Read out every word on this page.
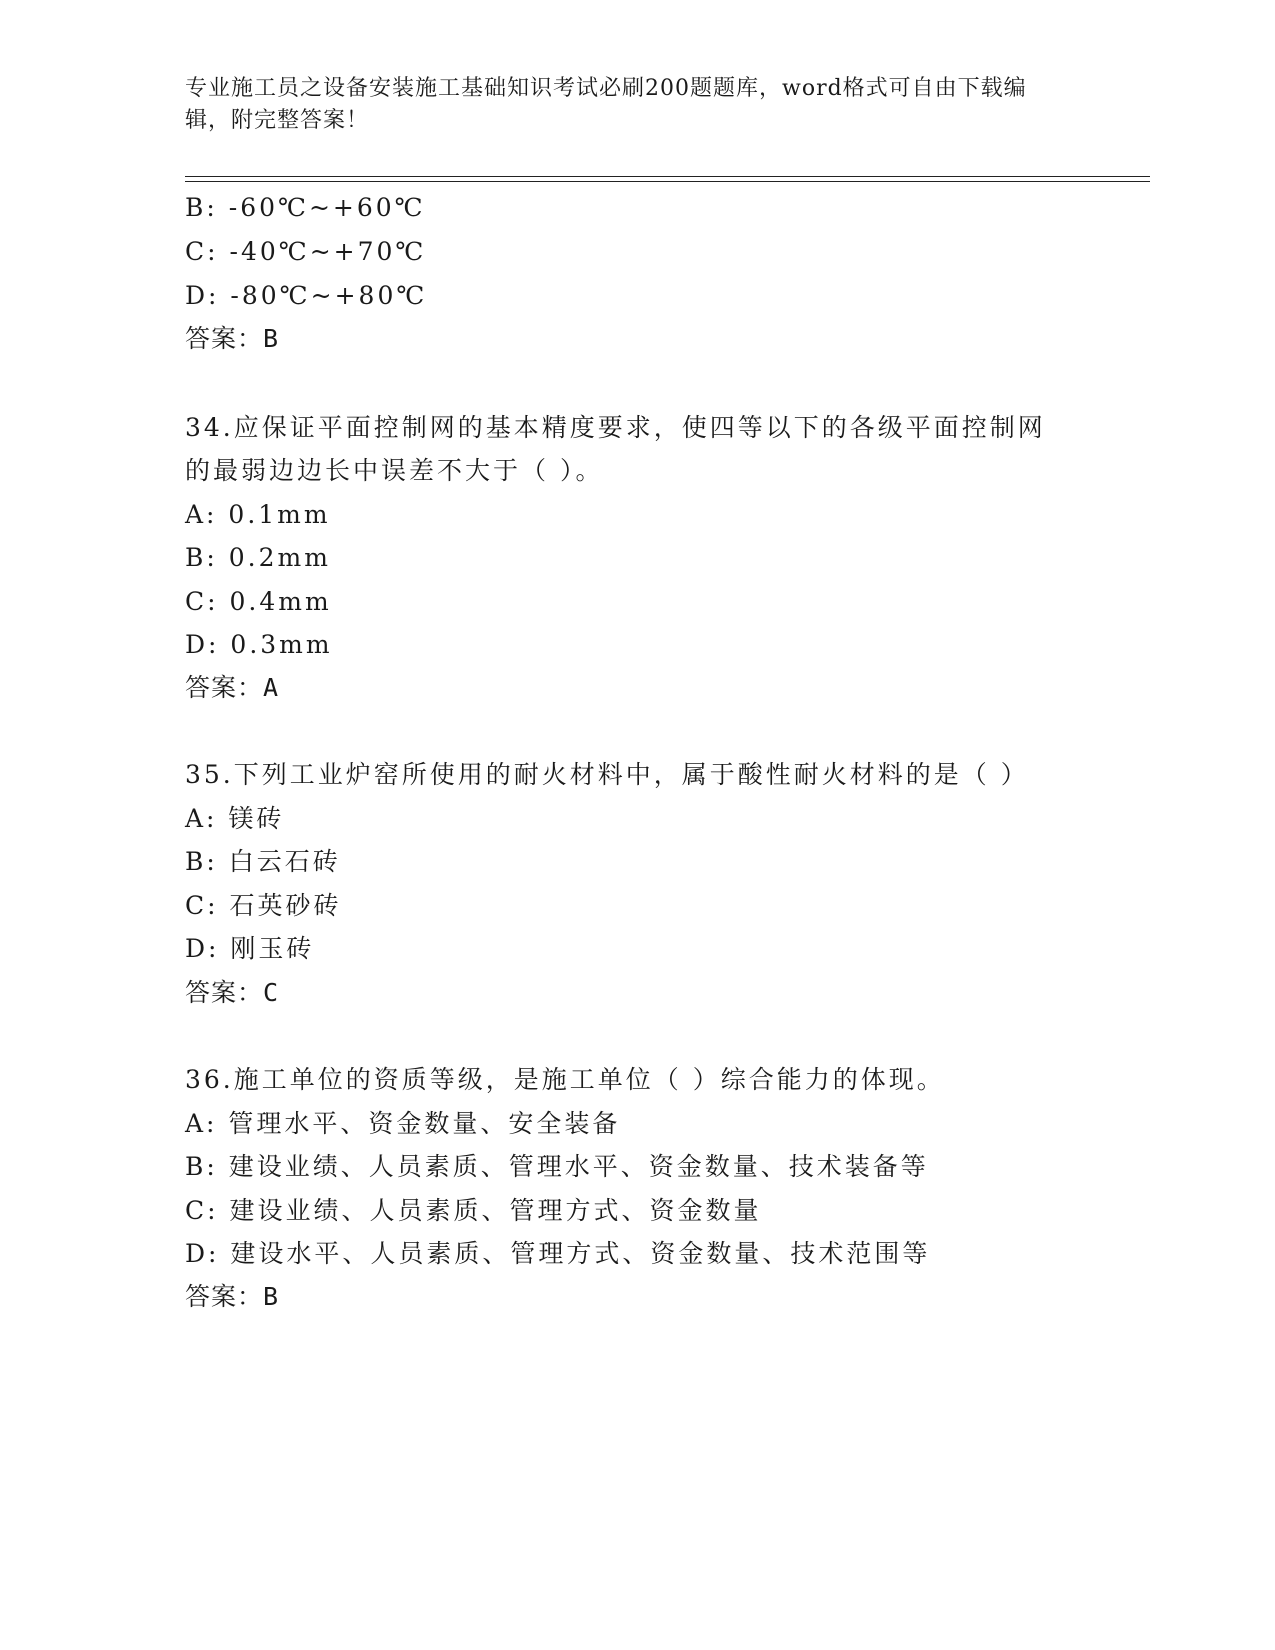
专业施工员之设备安装施工基础知识考试必刷200题题库，word格式可自由下载编辑，附完整答案！
B: -60℃~+60℃
C: -40℃~+70℃
D: -80℃~+80℃
答案：B
34.应保证平面控制网的基本精度要求，使四等以下的各级平面控制网
的最弱边边长中误差不大于（ ）。
A: 0.1mm
B: 0.2mm
C: 0.4mm
D: 0.3mm
答案：A
35.下列工业炉窑所使用的耐火材料中，属于酸性耐火材料的是（ ）
A: 镁砖
B: 白云石砖
C: 石英砂砖
D: 刚玉砖
答案：C
36.施工单位的资质等级，是施工单位（ ）综合能力的体现。
A: 管理水平、资金数量、安全装备
B: 建设业绩、人员素质、管理水平、资金数量、技术装备等
C: 建设业绩、人员素质、管理方式、资金数量
D: 建设水平、人员素质、管理方式、资金数量、技术范围等
答案：B
